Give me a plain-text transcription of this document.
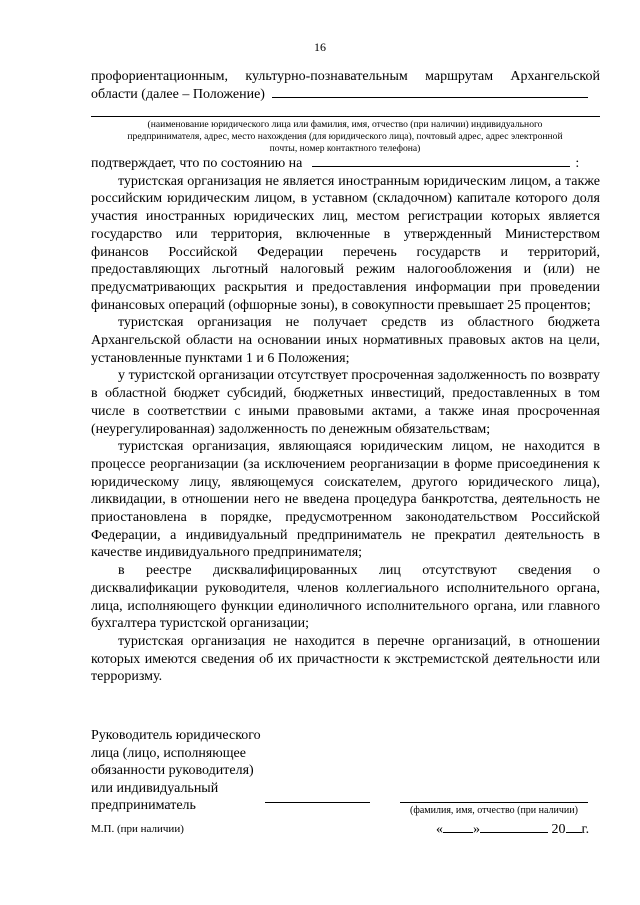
16
профориентационным, культурно-познавательным маршрутам Архангельской
области (далее – Положение)
(наименование юридического лица или фамилия, имя, отчество (при наличии) индивидуального предпринимателя, адрес, место нахождения (для юридического лица), почтовый адрес, адрес электронной почты, номер контактного телефона)

подтверждает, что по состоянию на	:

туристская организация не является иностранным юридическим лицом, а также российским юридическим лицом, в уставном (складочном) капитале которого доля участия иностранных юридических лиц, местом регистрации которых является государство или территория, включенные в утвержденный Министерством финансов Российской Федерации перечень государств и территорий, предоставляющих льготный налоговый режим налогообложения и (или) не предусматривающих раскрытия и предоставления информации при проведении финансовых операций (офшорные зоны), в совокупности превышает 25 процентов;

туристская организация не получает средств из областного бюджета Архангельской области на основании иных нормативных правовых актов на цели, установленные пунктами 1 и 6 Положения;

у туристской организации отсутствует просроченная задолженность по возврату в областной бюджет субсидий, бюджетных инвестиций, предоставленных в том числе в соответствии с иными правовыми актами, а также иная просроченная (неурегулированная) задолженность по денежным обязательствам;

туристская организация, являющаяся юридическим лицом, не находится в процессе реорганизации (за исключением реорганизации в форме присоединения к юридическому лицу, являющемуся соискателем, другого юридического лица), ликвидации, в отношении него не введена процедура банкротства, деятельность не приостановлена в порядке, предусмотренном законодательством Российской Федерации, а индивидуальный предприниматель не прекратил деятельность в качестве индивидуального предпринимателя;

в реестре дисквалифицированных лиц отсутствуют сведения о дисквалификации руководителя, членов коллегиального исполнительного органа, лица, исполняющего функции единоличного исполнительного органа, или главного бухгалтера туристской организации;

туристская организация не находится в перечне организаций, в отношении которых имеются сведения об их причастности к экстремистской деятельности или терроризму.

Руководитель юридического
лица (лицо, исполняющее
обязанности руководителя)
или индивидуальный
предприниматель	(фамилия, имя, отчество (при наличии)
М.П. (при наличии)	« »	20 г.
